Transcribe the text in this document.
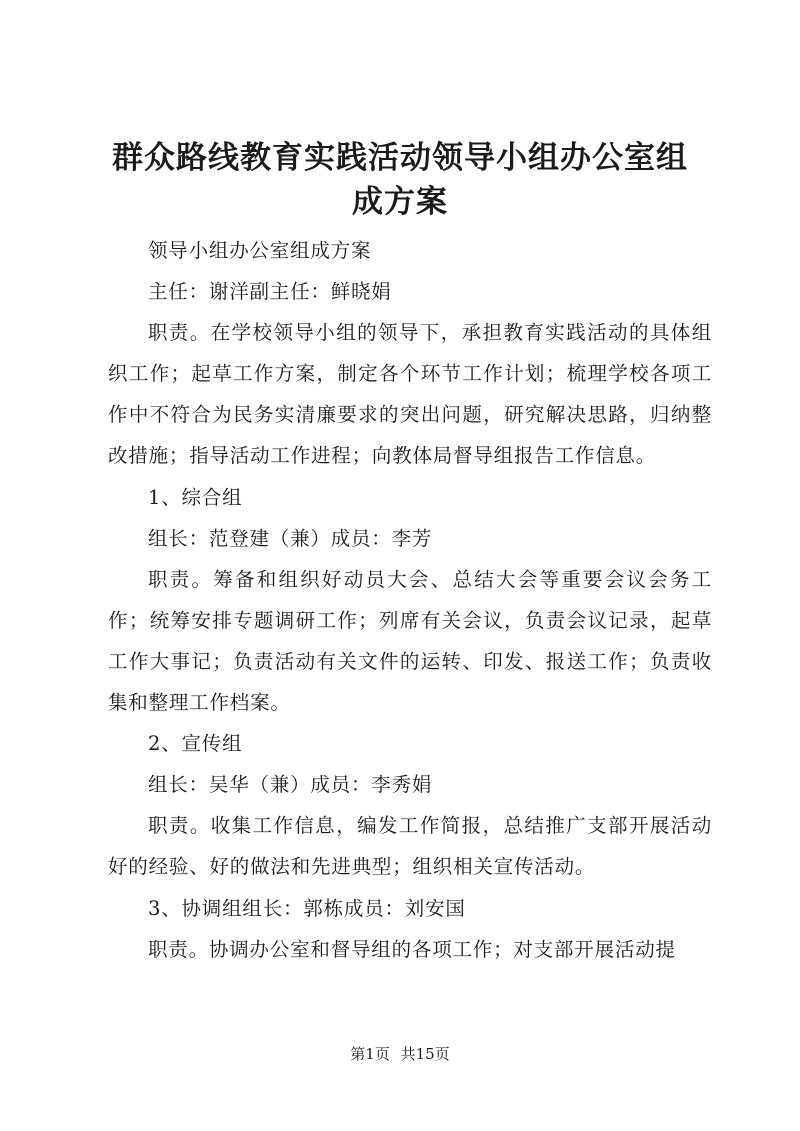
群众路线教育实践活动领导小组办公室组成方案

领导小组办公室组成方案

主任：谢洋副主任：鲜晓娟

职责。在学校领导小组的领导下，承担教育实践活动的具体组织工作；起草工作方案，制定各个环节工作计划；梳理学校各项工作中不符合为民务实清廉要求的突出问题，研究解决思路，归纳整改措施；指导活动工作进程；向教体局督导组报告工作信息。

1、综合组

组长：范登建（兼）成员：李芳

职责。筹备和组织好动员大会、总结大会等重要会议会务工作；统筹安排专题调研工作；列席有关会议，负责会议记录，起草工作大事记；负责活动有关文件的运转、印发、报送工作；负责收集和整理工作档案。

2、宣传组

组长：吴华（兼）成员：李秀娟

职责。收集工作信息，编发工作简报，总结推广支部开展活动好的经验、好的做法和先进典型；组织相关宣传活动。

3、协调组组长：郭栋成员：刘安国

职责。协调办公室和督导组的各项工作；对支部开展活动提

第1页 共15页
